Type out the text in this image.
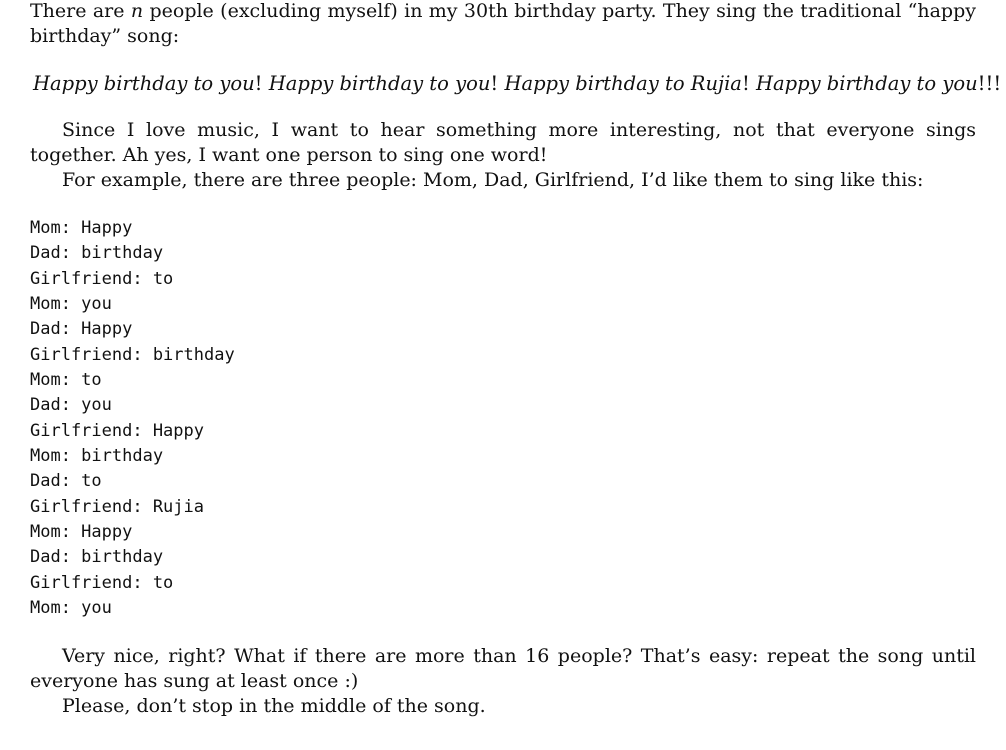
There are n people (excluding myself) in my 30th birthday party. They sing the traditional “happy birthday” song:

Happy birthday to you! Happy birthday to you! Happy birthday to Rujia! Happy birthday to you!!!

Since I love music, I want to hear something more interesting, not that everyone sings together. Ah yes, I want one person to sing one word!

For example, there are three people: Mom, Dad, Girlfriend, I’d like them to sing like this:

Mom: Happy
Dad: birthday
Girlfriend: to
Mom: you
Dad: Happy
Girlfriend: birthday
Mom: to
Dad: you
Girlfriend: Happy
Mom: birthday
Dad: to
Girlfriend: Rujia
Mom: Happy
Dad: birthday
Girlfriend: to
Mom: you

Very nice, right? What if there are more than 16 people? That’s easy: repeat the song until everyone has sung at least once :)

Please, don’t stop in the middle of the song.
